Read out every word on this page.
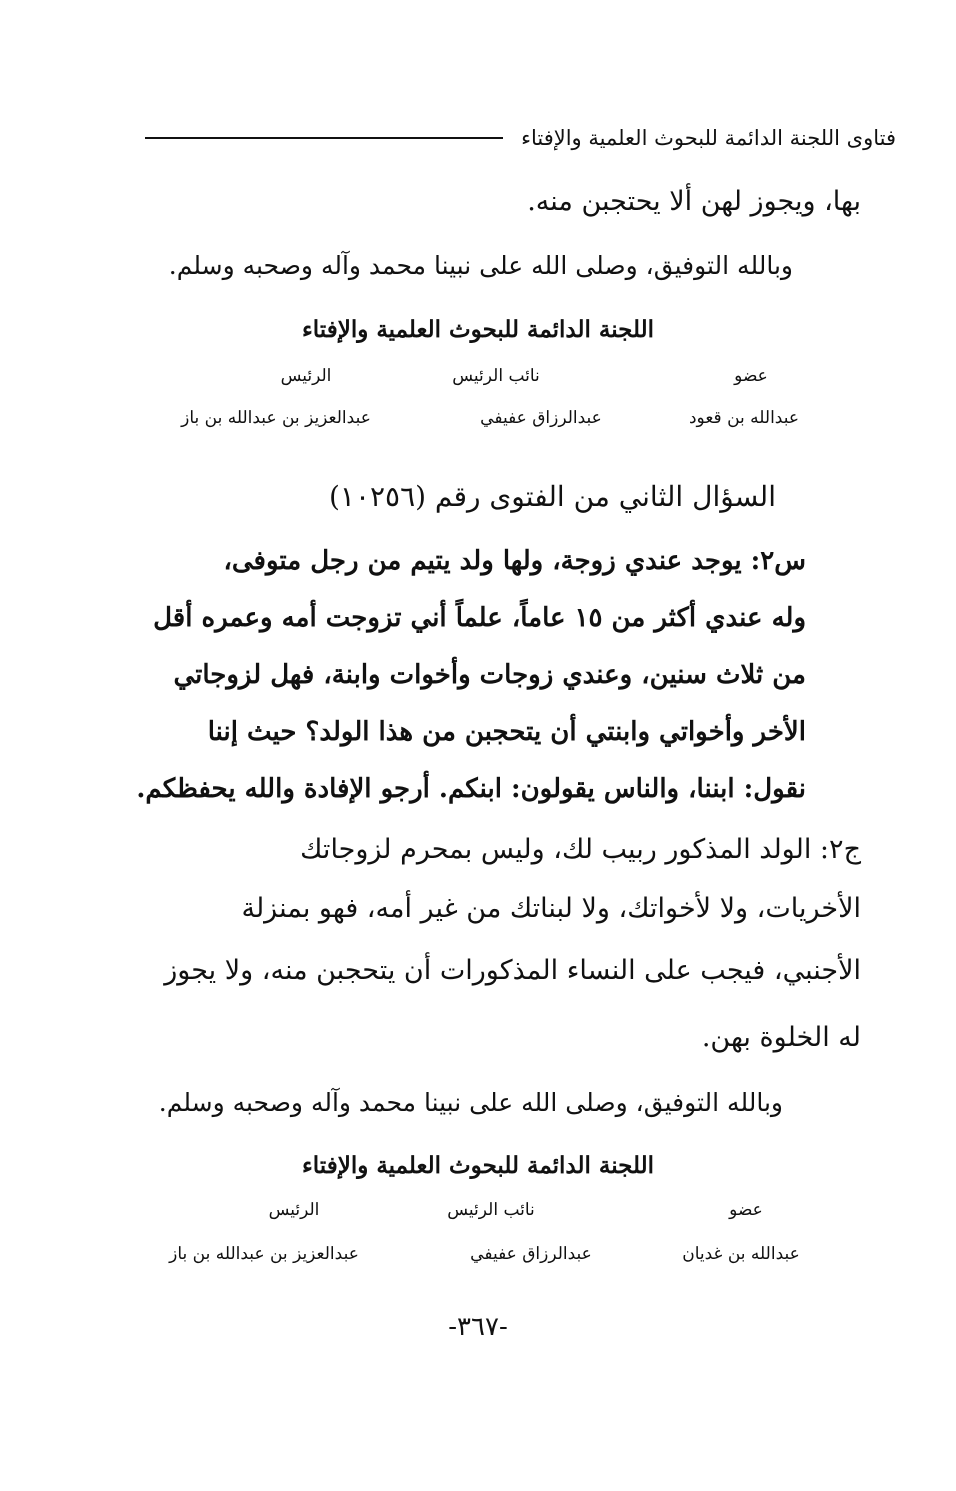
فتاوى اللجنة الدائمة للبحوث العلمية والإفتاء
بها، ويجوز لهن ألا يحتجبن منه.
وبالله التوفيق، وصلى الله على نبينا محمد وآله وصحبه وسلم.
اللجنة الدائمة للبحوث العلمية والإفتاء
عضو
نائب الرئيس
الرئيس
عبدالله بن قعود
عبدالرزاق عفيفي
عبدالعزيز بن عبدالله بن باز
السؤال الثاني من الفتوى رقم (١٠٢٥٦)
س٢: يوجد عندي زوجة، ولها ولد يتيم من رجل متوفى،
وله عندي أكثر من ١٥ عاماً، علماً أني تزوجت أمه وعمره أقل
من ثلاث سنين، وعندي زوجات وأخوات وابنة، فهل لزوجاتي
الأخر وأخواتي وابنتي أن يتحجبن من هذا الولد؟ حيث إننا
نقول: ابننا، والناس يقولون: ابنكم. أرجو الإفادة والله يحفظكم.
ج٢: الولد المذكور ربيب لك، وليس بمحرم لزوجاتك
الأخريات، ولا لأخواتك، ولا لبناتك من غير أمه، فهو بمنزلة
الأجنبي، فيجب على النساء المذكورات أن يتحجبن منه، ولا يجوز
له الخلوة بهن.
وبالله التوفيق، وصلى الله على نبينا محمد وآله وصحبه وسلم.
اللجنة الدائمة للبحوث العلمية والإفتاء
عضو
نائب الرئيس
الرئيس
عبدالله بن غديان
عبدالرزاق عفيفي
عبدالعزيز بن عبدالله بن باز
-٣٦٧-
